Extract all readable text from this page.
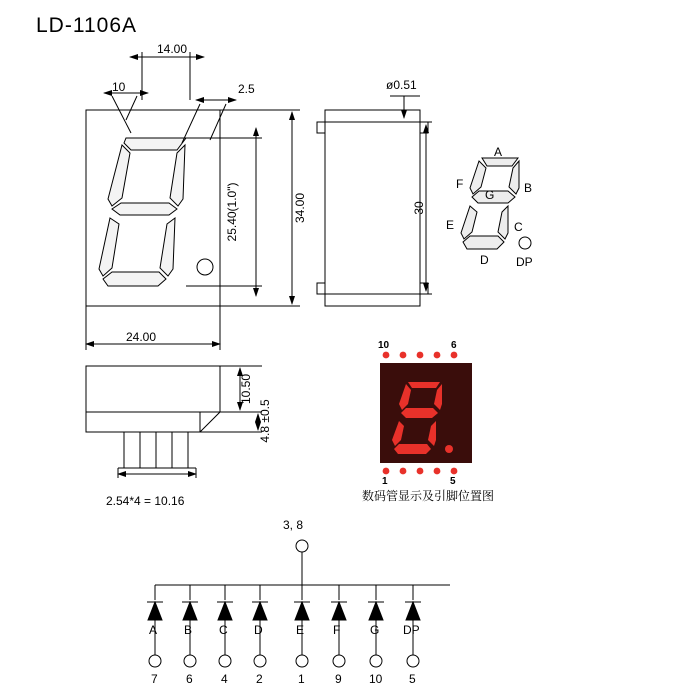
LD-1106A
14.00
10	2.5
25.40(1.0")	34.00
24.00
ø0.51
30
10.50
4.8 ±0.5
2.54*4 = 10.16
A
F	B
G
E	C
D DP
10	6
1	5
数码管显示及引脚位置图
3, 8
A B C D	E F G DP
7 6 4 2	1	9 10 5
